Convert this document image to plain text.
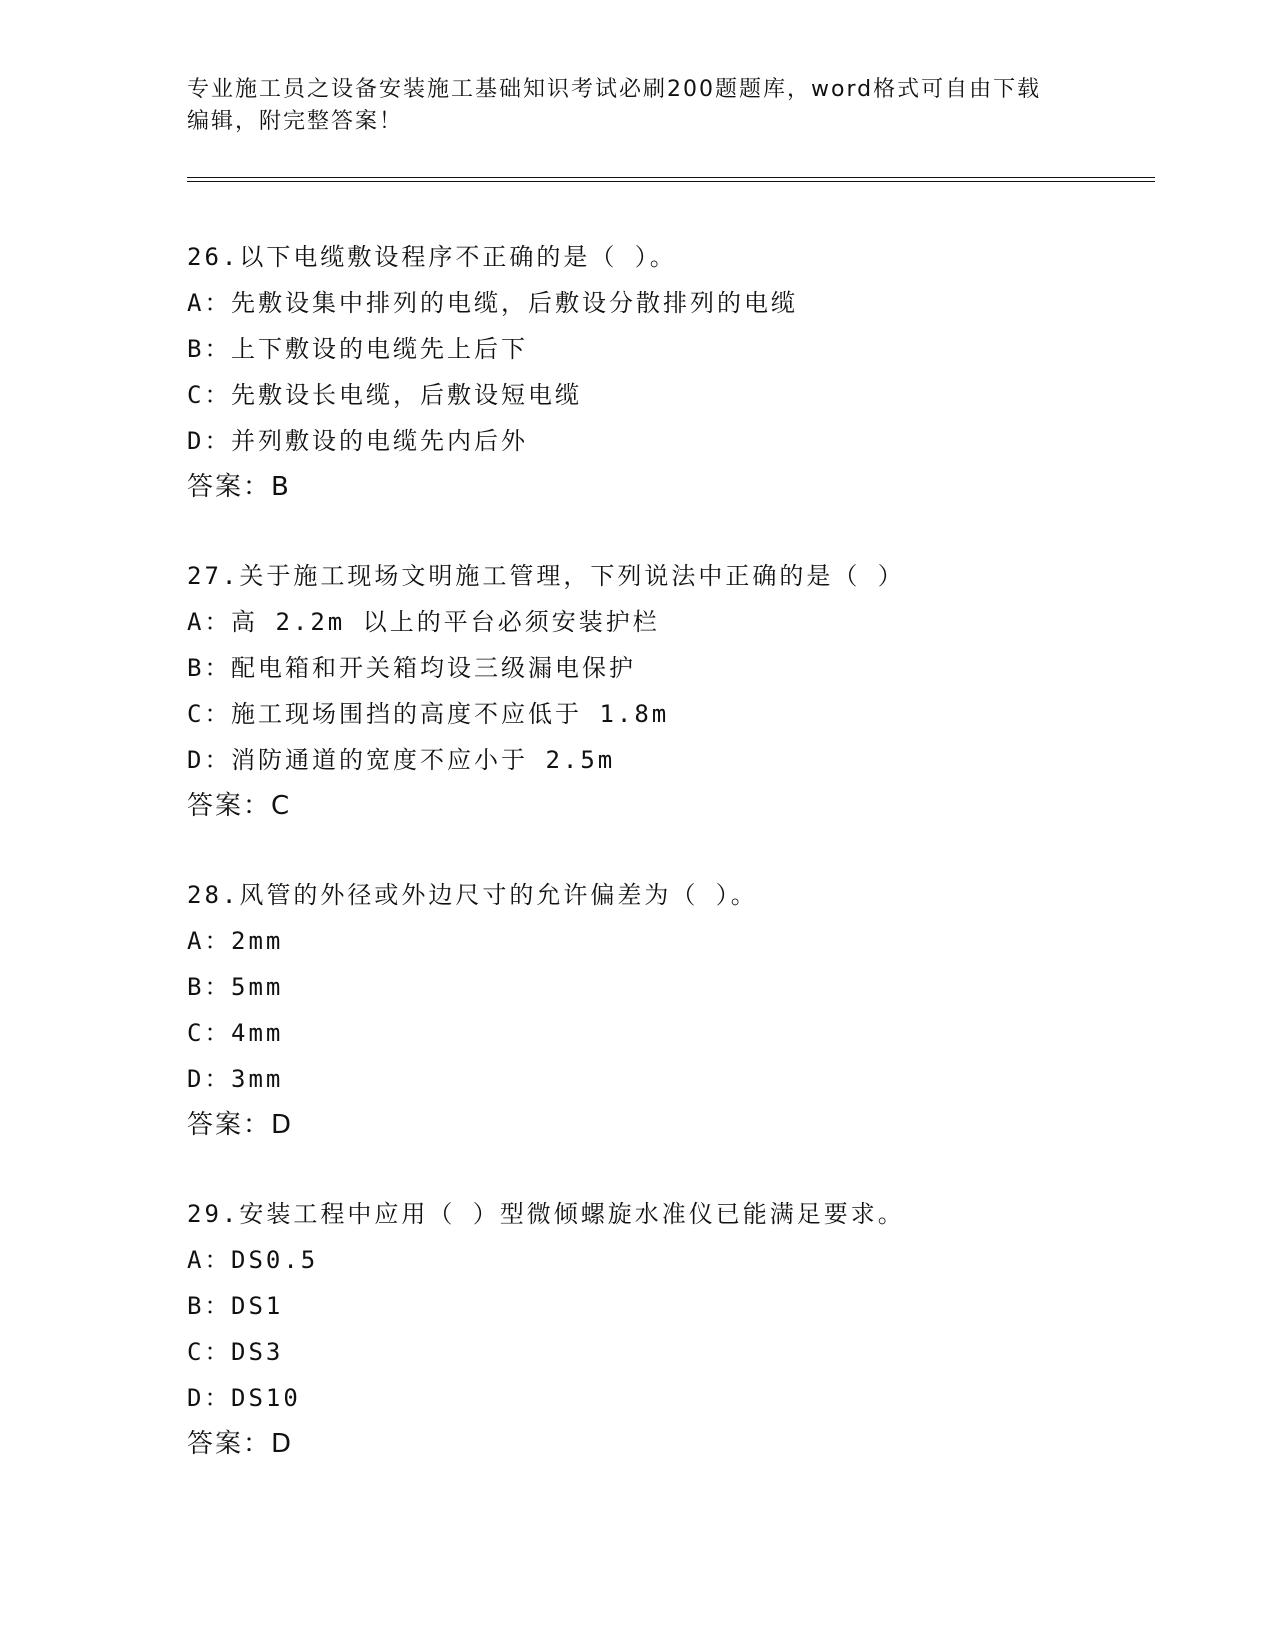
专业施工员之设备安装施工基础知识考试必刷200题题库，word格式可自由下载
编辑，附完整答案！
26.以下电缆敷设程序不正确的是（ ）。
A：先敷设集中排列的电缆，后敷设分散排列的电缆
B：上下敷设的电缆先上后下
C：先敷设长电缆，后敷设短电缆
D：并列敷设的电缆先内后外
答案：B
27.关于施工现场文明施工管理，下列说法中正确的是（ ）
A：高 2.2m 以上的平台必须安装护栏
B：配电箱和开关箱均设三级漏电保护
C：施工现场围挡的高度不应低于 1.8m
D：消防通道的宽度不应小于 2.5m
答案：C
28.风管的外径或外边尺寸的允许偏差为（ ）。
A：2mm
B：5mm
C：4mm
D：3mm
答案：D
29.安装工程中应用（ ）型微倾螺旋水准仪已能满足要求。
A：DS0.5
B：DS1
C：DS3
D：DS10
答案：D
